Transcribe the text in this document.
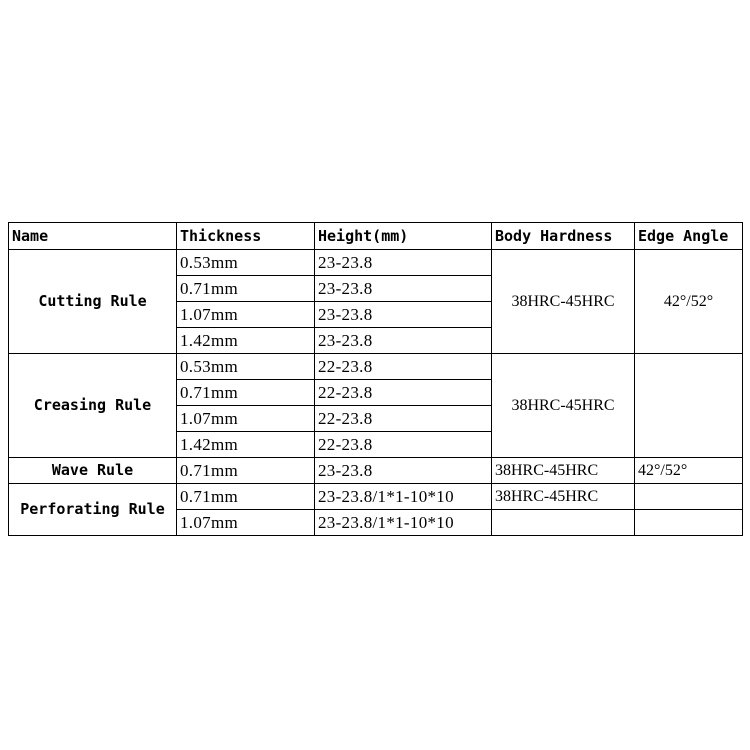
Name	Thickness	Height(mm)	Body Hardness	Edge Angle
Cutting Rule	0.53mm	23-23.8	38HRC-45HRC	42°/52°
	0.71mm	23-23.8		
	1.07mm	23-23.8		
	1.42mm	23-23.8		
Creasing Rule	0.53mm	22-23.8	38HRC-45HRC	
	0.71mm	22-23.8		
	1.07mm	22-23.8		
	1.42mm	22-23.8		
Wave Rule	0.71mm	23-23.8	38HRC-45HRC	42°/52°
Perforating Rule	0.71mm	23-23.8/1*1-10*10	38HRC-45HRC	
	1.07mm	23-23.8/1*1-10*10		
